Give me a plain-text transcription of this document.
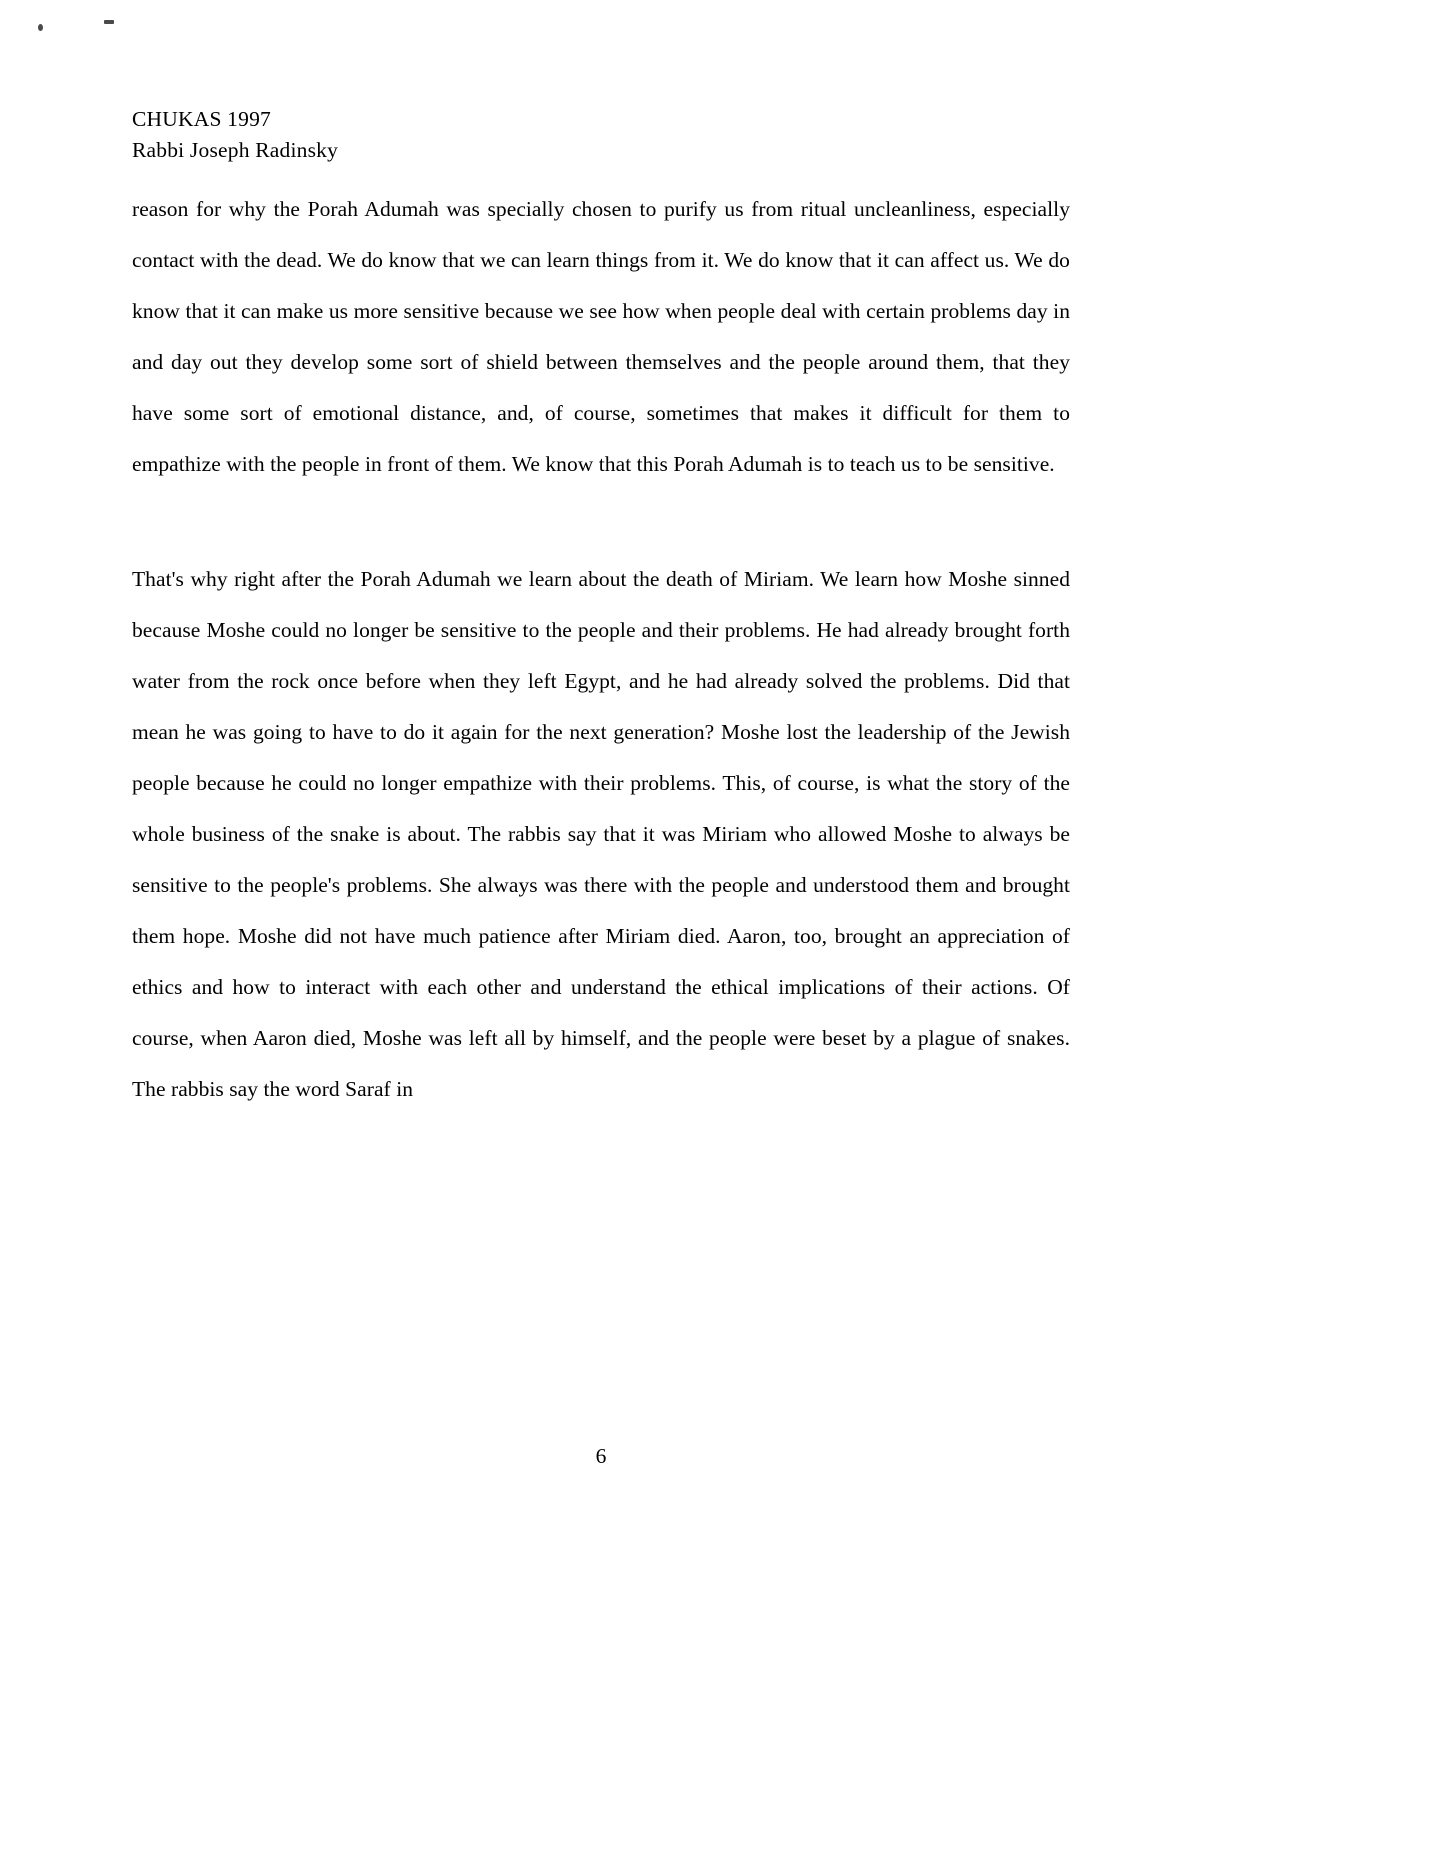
CHUKAS 1997
Rabbi Joseph Radinsky

reason for why the Porah Adumah was specially chosen to purify us from ritual uncleanliness, especially contact with the dead. We do know that we can learn things from it. We do know that it can affect us. We do know that it can make us more sensitive because we see how when people deal with certain problems day in and day out they develop some sort of shield between themselves and the people around them, that they have some sort of emotional distance, and, of course, sometimes that makes it difficult for them to empathize with the people in front of them. We know that this Porah Adumah is to teach us to be sensitive.

That's why right after the Porah Adumah we learn about the death of Miriam. We learn how Moshe sinned because Moshe could no longer be sensitive to the people and their problems. He had already brought forth water from the rock once before when they left Egypt, and he had already solved the problems. Did that mean he was going to have to do it again for the next generation? Moshe lost the leadership of the Jewish people because he could no longer empathize with their problems. This, of course, is what the story of the whole business of the snake is about. The rabbis say that it was Miriam who allowed Moshe to always be sensitive to the people's problems. She always was there with the people and understood them and brought them hope. Moshe did not have much patience after Miriam died. Aaron, too, brought an appreciation of ethics and how to interact with each other and understand the ethical implications of their actions. Of course, when Aaron died, Moshe was left all by himself, and the people were beset by a plague of snakes. The rabbis say the word Saraf in

6
